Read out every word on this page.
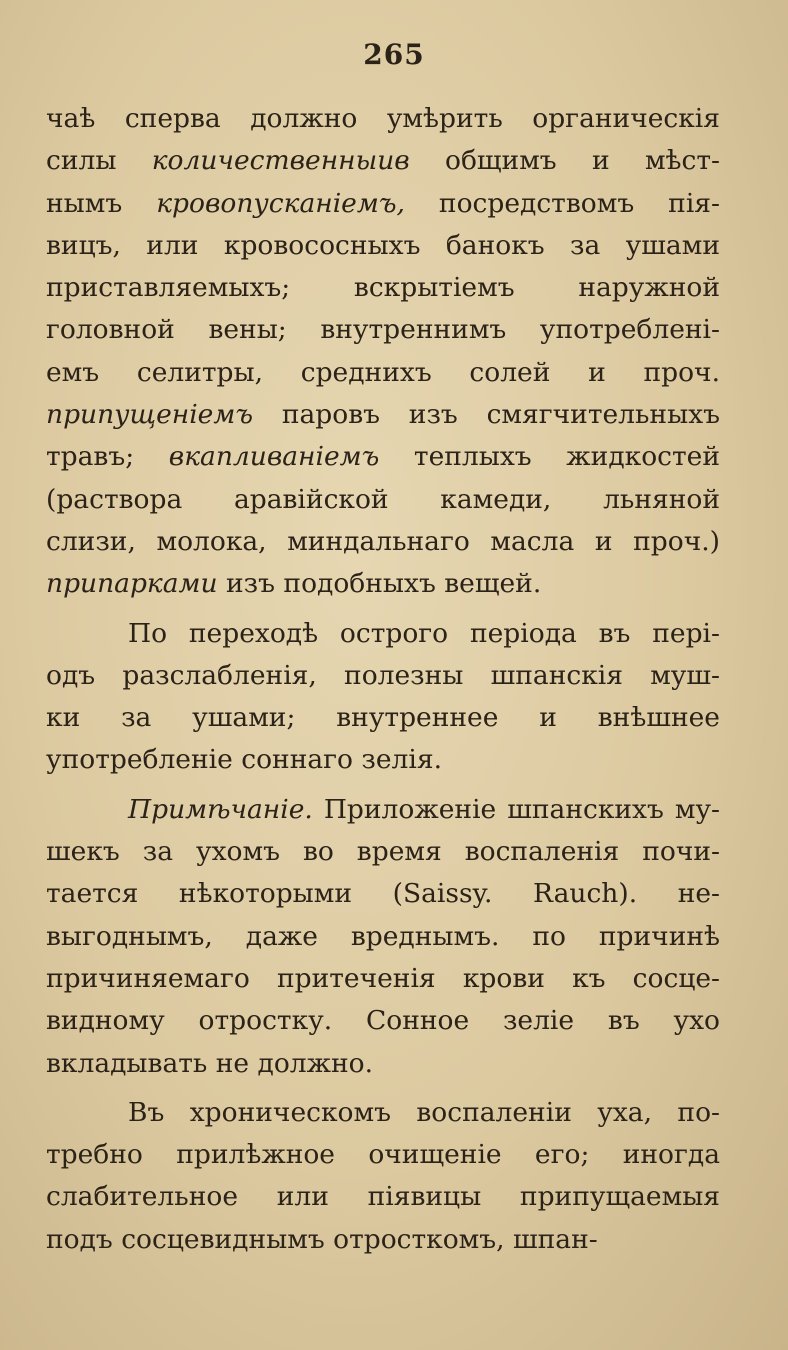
265
чаѣ сперва должно умѣрить органическія
силы количественныив общимъ и мѣст-
нымъ кровопусканіемъ, посредствомъ пія-
вицъ, или кровососныхъ банокъ за ушами
приставляемыхъ; вскрытіемъ наружной
головной вены; внутреннимъ употреблені-
емъ селитры, среднихъ солей и проч.
припущеніемъ паровъ изъ смягчительныхъ
травъ; вкапливаніемъ теплыхъ жидкостей
(раствора аравійской камеди, льняной
слизи, молока, миндальнаго масла и проч.)
припарками изъ подобныхъ вещей.
По переходѣ острого періода въ пері-
одъ разслабленія, полезны шпанскія муш-
ки за ушами; внутреннее и внѣшнее
употребленіе соннаго зелія.
Примѣчаніе. Приложеніе шпанскихъ му-
шекъ за ухомъ во время воспаленія почи-
тается нѣкоторыми (Saissy. Rauch). не-
выгоднымъ, даже вреднымъ. по причинѣ
причиняемаго притеченія крови къ сосце-
видному отростку. Сонное зеліе въ ухо
вкладывать не должно.
Въ хроническомъ воспаленіи уха, по-
требно прилѣжное очищеніе его; иногда
слабительное или піявицы припущаемыя
подъ сосцевиднымъ отросткомъ, шпан-
